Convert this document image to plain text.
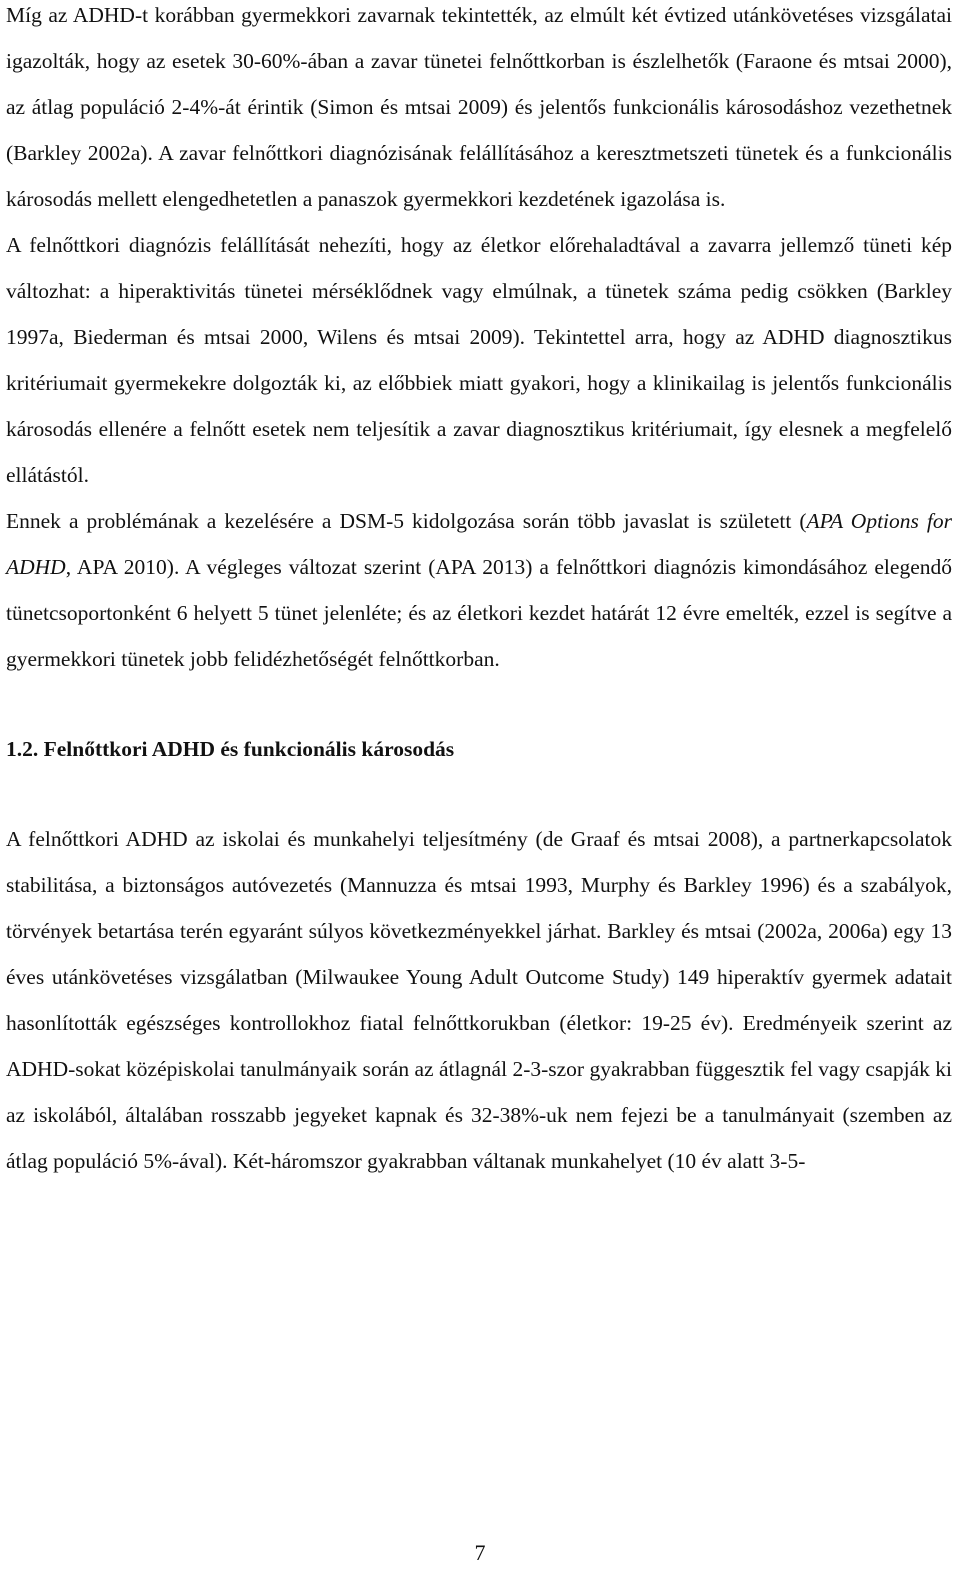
Míg az ADHD-t korábban gyermekkori zavarnak tekintették, az elmúlt két évtized utánkövetéses vizsgálatai igazolták, hogy az esetek 30-60%-ában a zavar tünetei felnőttkorban is észlelhetők (Faraone és mtsai 2000), az átlag populáció 2-4%-át érintik (Simon és mtsai 2009) és jelentős funkcionális károsodáshoz vezethetnek (Barkley 2002a). A zavar felnőttkori diagnózisának felállításához a keresztmetszeti tünetek és a funkcionális károsodás mellett elengedhetetlen a panaszok gyermekkori kezdetének igazolása is.

A felnőttkori diagnózis felállítását nehezíti, hogy az életkor előrehaladtával a zavarra jellemző tüneti kép változhat: a hiperaktivitás tünetei mérséklődnek vagy elmúlnak, a tünetek száma pedig csökken (Barkley 1997a, Biederman és mtsai 2000, Wilens és mtsai 2009). Tekintettel arra, hogy az ADHD diagnosztikus kritériumait gyermekekre dolgozták ki, az előbbiek miatt gyakori, hogy a klinikailag is jelentős funkcionális károsodás ellenére a felnőtt esetek nem teljesítik a zavar diagnosztikus kritériumait, így elesnek a megfelelő ellátástól.

Ennek a problémának a kezelésére a DSM-5 kidolgozása során több javaslat is született (APA Options for ADHD, APA 2010). A végleges változat szerint (APA 2013) a felnőttkori diagnózis kimondásához elegendő tünetcsoportonként 6 helyett 5 tünet jelenléte; és az életkori kezdet határát 12 évre emelték, ezzel is segítve a gyermekkori tünetek jobb felidézhetőségét felnőttkorban.

1.2. Felnőttkori ADHD és funkcionális károsodás

A felnőttkori ADHD az iskolai és munkahelyi teljesítmény (de Graaf és mtsai 2008), a partnerkapcsolatok stabilitása, a biztonságos autóvezetés (Mannuzza és mtsai 1993, Murphy és Barkley 1996) és a szabályok, törvények betartása terén egyaránt súlyos következményekkel járhat. Barkley és mtsai (2002a, 2006a) egy 13 éves utánkövetéses vizsgálatban (Milwaukee Young Adult Outcome Study) 149 hiperaktív gyermek adatait hasonlították egészséges kontrollokhoz fiatal felnőttkorukban (életkor: 19-25 év). Eredményeik szerint az ADHD-sokat középiskolai tanulmányaik során az átlagnál 2-3-szor gyakrabban függesztik fel vagy csapják ki az iskolából, általában rosszabb jegyeket kapnak és 32-38%-uk nem fejezi be a tanulmányait (szemben az átlag populáció 5%-ával). Két-háromszor gyakrabban váltanak munkahelyet (10 év alatt 3-5-

7
